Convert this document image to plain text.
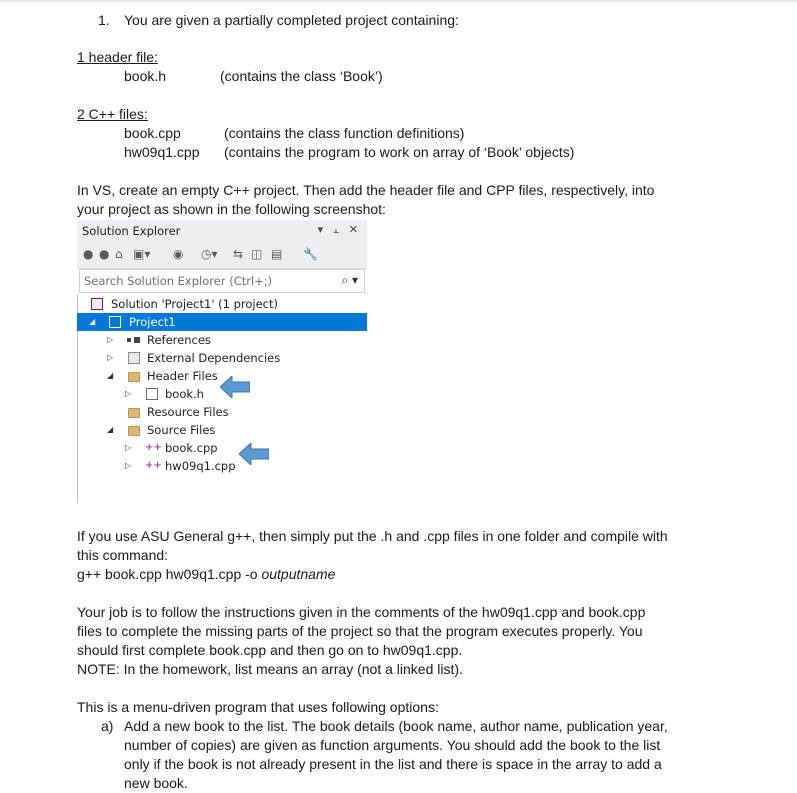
1. You are given a partially completed project containing:
1 header file:
book.h	(contains the class ‘Book’)
2 C++ files:
book.cpp	(contains the class function definitions)
hw09q1.cpp (contains the program to work on array of ‘Book’ objects)
In VS, create an empty C++ project. Then add the header file and CPP files, respectively, into
your project as shown in the following screenshot:
Solution Explorer	▾ ⫠ ✕
● ● ⌂ ▣▾ ◉ ◷▾ ⇆ ◫ ▤ 🔧
Search Solution Explorer (Ctrl+;)	⌕ ▾
Solution 'Project1' (1 project)
◢	Project1
▷	References
▷	External Dependencies
◢	Header Files
▷	book.h
Resource Files
◢	Source Files
▷ ++ book.cpp
▷ ++ hw09q1.cpp
If you use ASU General g++, then simply put the .h and .cpp files in one folder and compile with
this command:
g++ book.cpp hw09q1.cpp -o outputname
Your job is to follow the instructions given in the comments of the hw09q1.cpp and book.cpp
files to complete the missing parts of the project so that the program executes properly. You
should first complete book.cpp and then go on to hw09q1.cpp.
NOTE: In the homework, list means an array (not a linked list).
This is a menu-driven program that uses following options:
a) Add a new book to the list. The book details (book name, author name, publication year,
number of copies) are given as function arguments. You should add the book to the list
only if the book is not already present in the list and there is space in the array to add a
new book.
